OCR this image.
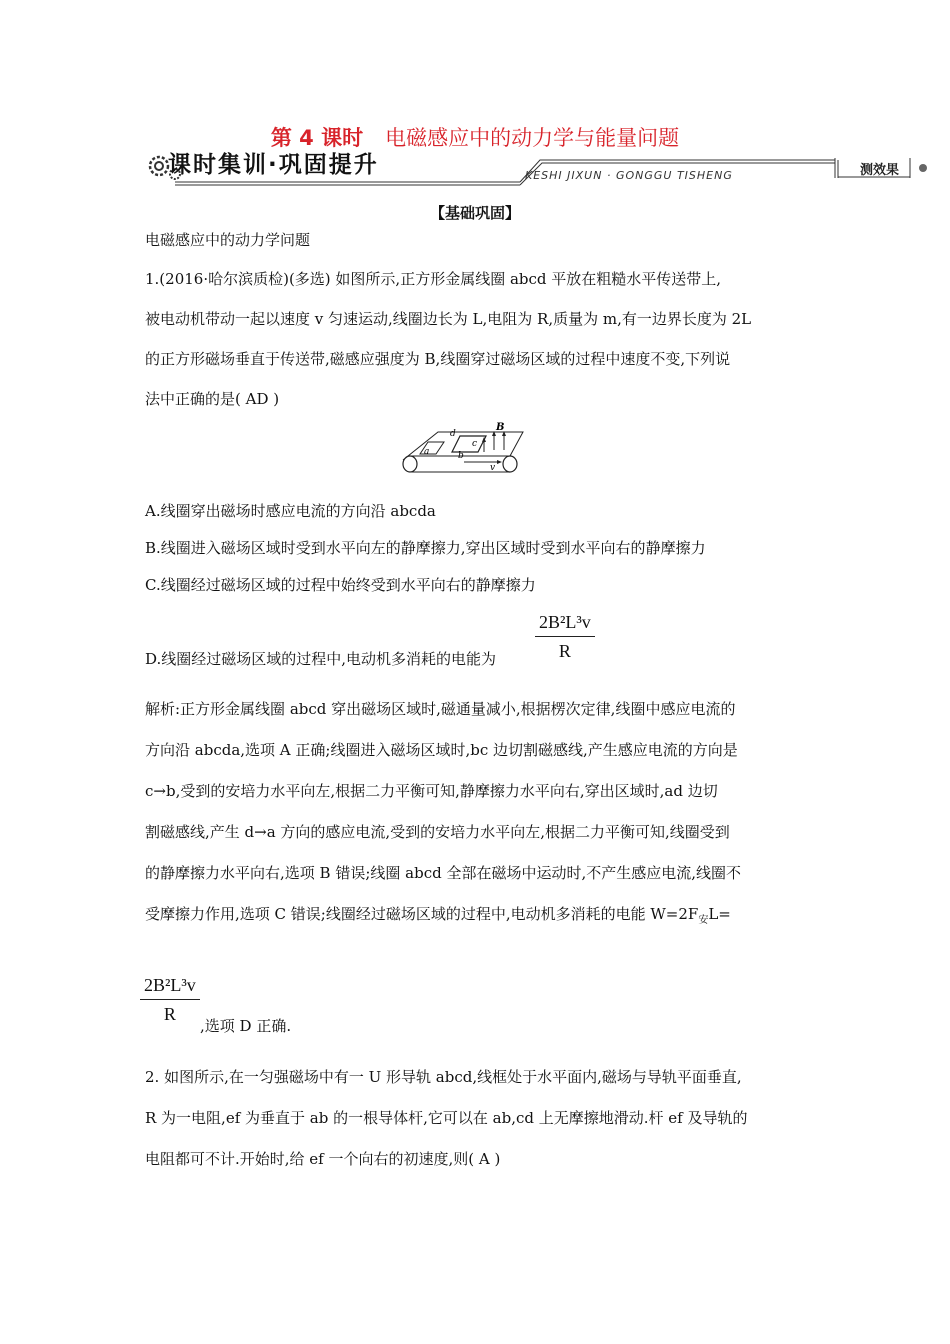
第 4 课时 电磁感应中的动力学与能量问题
课时集训·巩固提升	KESHI JIXUN · GONGGU TISHENG	测效果
【基础巩固】
电磁感应中的动力学问题
1.(2016·哈尔滨质检)(多选) 如图所示,正方形金属线圈 abcd 平放在粗糙水平传送带上,
被电动机带动一起以速度 v 匀速运动,线圈边长为 L,电阻为 R,质量为 m,有一边界长度为 2L
的正方形磁场垂直于传送带,磁感应强度为 B,线圈穿过磁场区域的过程中速度不变,下列说
法中正确的是( AD )
d
a	b
c
B
v
A.线圈穿出磁场时感应电流的方向沿 abcda
B.线圈进入磁场区域时受到水平向左的静摩擦力,穿出区域时受到水平向右的静摩擦力
C.线圈经过磁场区域的过程中始终受到水平向右的静摩擦力
D.线圈经过磁场区域的过程中,电动机多消耗的电能为 $\frac{\text{2B²L³v}}{R}$
解析:正方形金属线圈 abcd 穿出磁场区域时,磁通量减小,根据楞次定律,线圈中感应电流的
方向沿 abcda,选项 A 正确;线圈进入磁场区域时,bc 边切割磁感线,产生感应电流的方向是
c→b,受到的安培力水平向左,根据二力平衡可知,静摩擦力水平向右,穿出区域时,ad 边切
割磁感线,产生 d→a 方向的感应电流,受到的安培力水平向左,根据二力平衡可知,线圈受到
的静摩擦力水平向右,选项 B 错误;线圈 abcd 全部在磁场中运动时,不产生感应电流,线圈不
受摩擦力作用,选项 C 错误;线圈经过磁场区域的过程中,电动机多消耗的电能 $W=2F_安L=$
$\frac{\text{2B²L³v}}{R}$
,选项 D 正确.
2. 如图所示,在一匀强磁场中有一 U 形导轨 abcd,线框处于水平面内,磁场与导轨平面垂直,
R 为一电阻,ef 为垂直于 ab 的一根导体杆,它可以在 ab,cd 上无摩擦地滑动.杆 ef 及导轨的
电阻都可不计.开始时,给 ef 一个向右的初速度,则( A )
